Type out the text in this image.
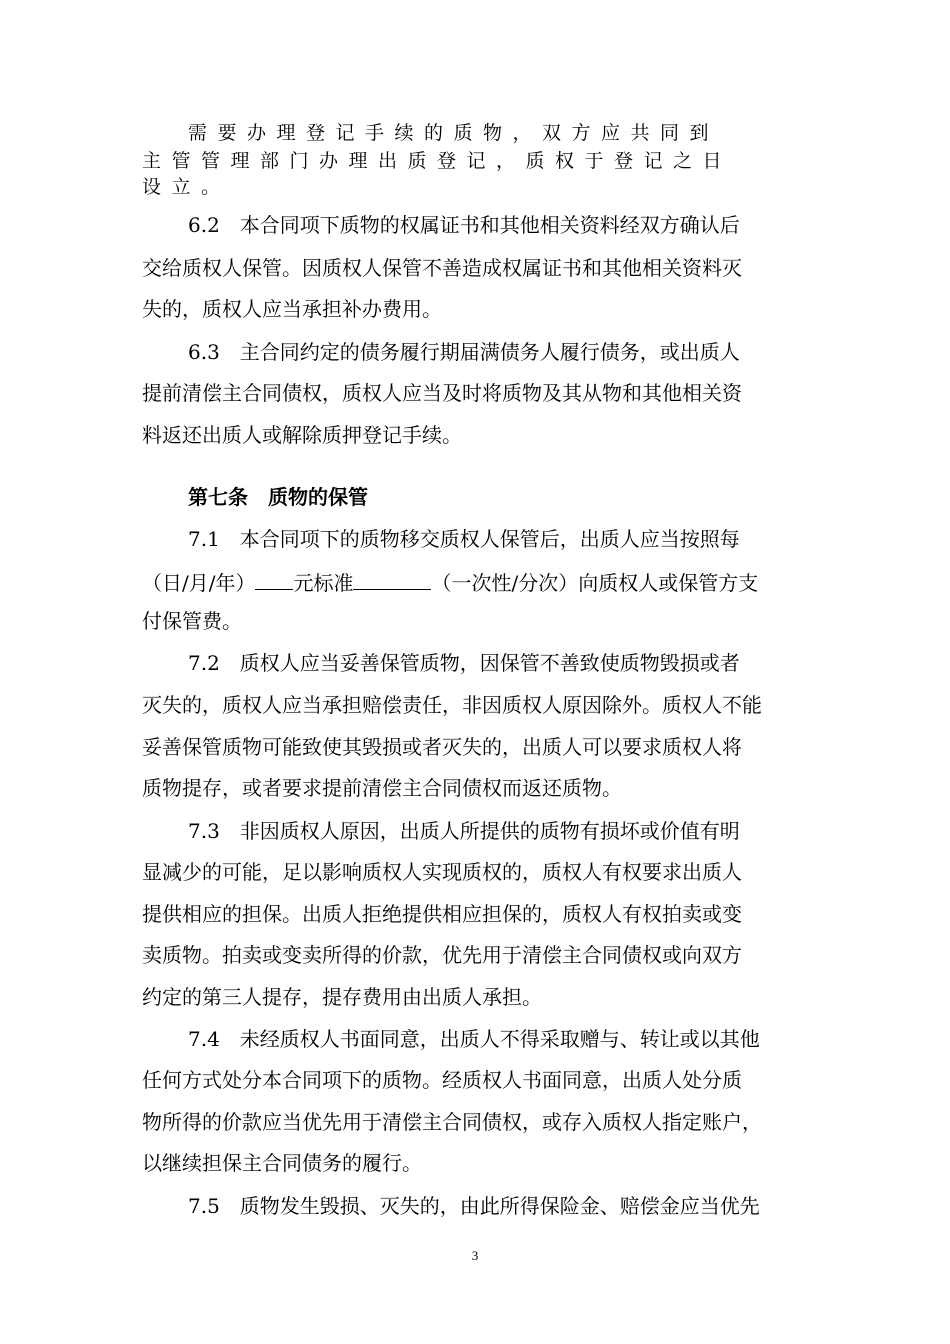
需要办理登记手续的质物，双方应共同到
主管管理部门办理出质登记，质权于登记之日
设立。
6.2　本合同项下质物的权属证书和其他相关资料经双方确认后
交给质权人保管。因质权人保管不善造成权属证书和其他相关资料灭
失的，质权人应当承担补办费用。
6.3　主合同约定的债务履行期届满债务人履行债务，或出质人
提前清偿主合同债权，质权人应当及时将质物及其从物和其他相关资
料返还出质人或解除质押登记手续。
第七条　质物的保管
7.1　本合同项下的质物移交质权人保管后，出质人应当按照每
（日/月/年） 元标准	（一次性/分次）向质权人或保管方支
付保管费。
7.2　质权人应当妥善保管质物，因保管不善致使质物毁损或者
灭失的，质权人应当承担赔偿责任，非因质权人原因除外。质权人不能
妥善保管质物可能致使其毁损或者灭失的，出质人可以要求质权人将
质物提存，或者要求提前清偿主合同债权而返还质物。
7.3　非因质权人原因，出质人所提供的质物有损坏或价值有明
显减少的可能，足以影响质权人实现质权的，质权人有权要求出质人
提供相应的担保。出质人拒绝提供相应担保的，质权人有权拍卖或变
卖质物。拍卖或变卖所得的价款，优先用于清偿主合同债权或向双方
约定的第三人提存，提存费用由出质人承担。
7.4　未经质权人书面同意，出质人不得采取赠与、转让或以其他
任何方式处分本合同项下的质物。经质权人书面同意，出质人处分质
物所得的价款应当优先用于清偿主合同债权，或存入质权人指定账户，
以继续担保主合同债务的履行。
7.5　质物发生毁损、灭失的，由此所得保险金、赔偿金应当优先
3
